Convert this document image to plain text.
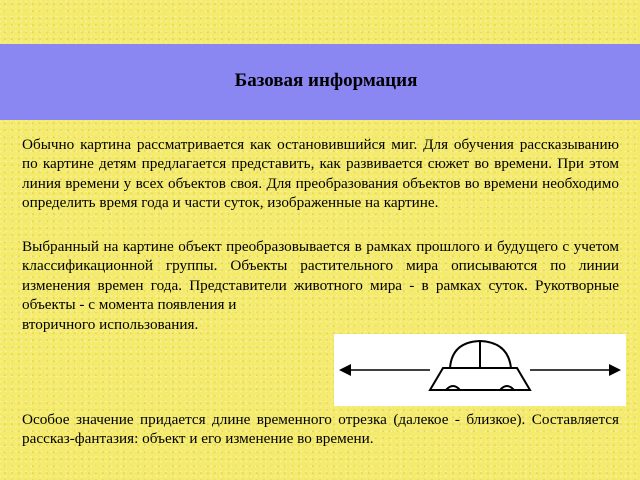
Базовая информация

Обычно картина рассматривается как остановившийся миг. Для обучения рассказыванию по картине детям предлагается представить, как развивается сюжет во времени. При этом линия времени у всех объектов своя. Для преобразования объектов во времени необходимо определить время года и части суток, изображенные на картине.

Выбранный на картине объект преобразовывается в рамках прошлого и будущего с учетом классификационной группы. Объекты растительного мира описываются по линии изменения времен года. Представители животного мира - в рамках суток. Рукотворные объекты - с момента появления и
вторичного использования.

Особое значение придается длине временного отрезка (далекое - близкое). Составляется рассказ-фантазия: объект и его изменение во времени.
